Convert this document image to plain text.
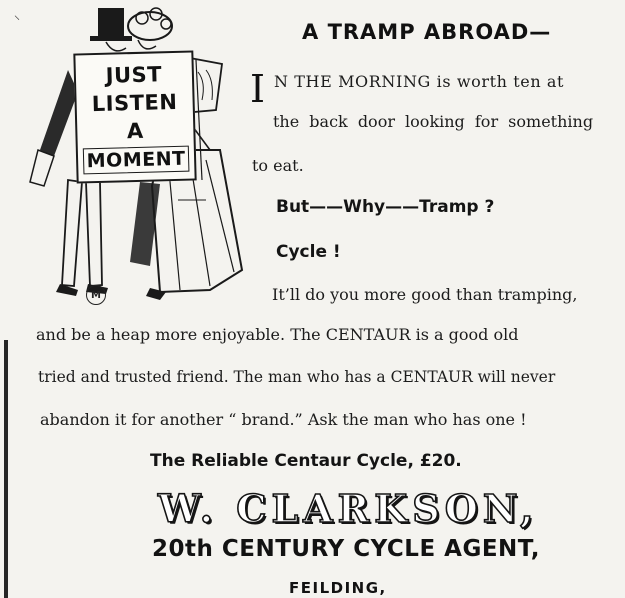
⸜
JUST
LISTEN
A
MOMENT
M
A TRAMP ABROAD—
I N THE MORNING is worth ten at
the back door looking for something
to eat.
But——Why——Tramp ?
Cycle !
It’ll do you more good than tramping,
and be a heap more enjoyable. The CENTAUR is a good old
tried and trusted friend. The man who has a CENTAUR will never
abandon it for another “ brand.” Ask the man who has one !
The Reliable Centaur Cycle, £20.
W. CLARKSON,
20th CENTURY CYCLE AGENT,
FEILDING,
